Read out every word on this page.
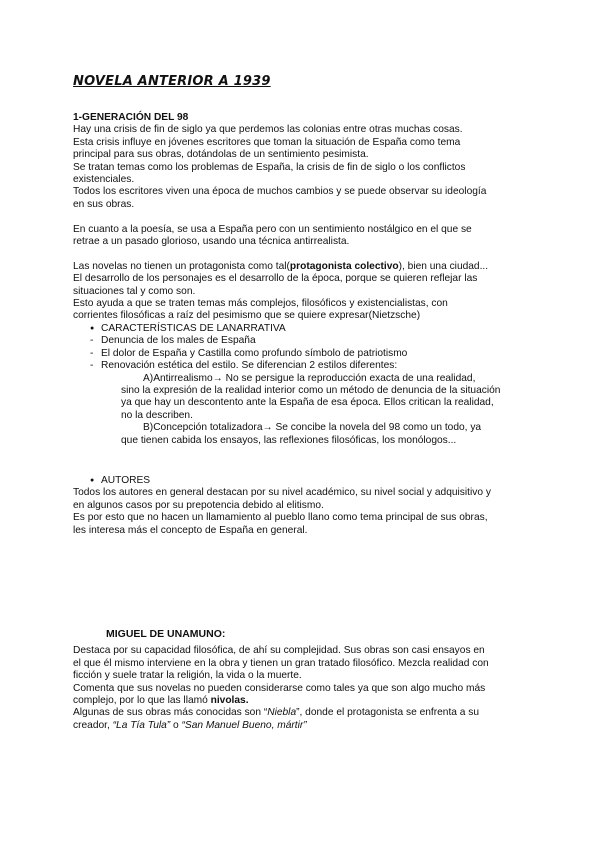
NOVELA ANTERIOR A 1939

1-GENERACIÓN DEL 98

Hay una crisis de fin de siglo ya que perdemos las colonias entre otras muchas cosas.

Esta crisis influye en jóvenes escritores que toman la situación de España como tema

principal para sus obras, dotándolas de un sentimiento pesimista.

Se tratan temas como los problemas de España, la crisis de fin de siglo o los conflictos

existenciales.

Todos los escritores viven una época de muchos cambios y se puede observar su ideología

en sus obras.

En cuanto a la poesía, se usa a España pero con un sentimiento nostálgico en el que se

retrae a un pasado glorioso, usando una técnica antirrealista.

Las novelas no tienen un protagonista como tal(protagonista colectivo), bien una ciudad...

El desarrollo de los personajes es el desarrollo de la época, porque se quieren reflejar las

situaciones tal y como son.

Esto ayuda a que se traten temas más complejos, filosóficos y existencialistas, con

corrientes filosóficas a raíz del pesimismo que se quiere expresar(Nietzsche)

● CARACTERÍSTICAS DE LANARRATIVA
- Denuncia de los males de España
- El dolor de España y Castilla como profundo símbolo de patriotismo
- Renovación estética del estilo. Se diferencian 2 estilos diferentes:

A)Antirrealismo→ No se persigue la reproducción exacta de una realidad,

sino la expresión de la realidad interior como un método de denuncia de la situación

ya que hay un descontento ante la España de esa época. Ellos critican la realidad,

no la describen.

B)Concepción totalizadora→ Se concibe la novela del 98 como un todo, ya

que tienen cabida los ensayos, las reflexiones filosóficas, los monólogos...

● AUTORES

Todos los autores en general destacan por su nivel académico, su nivel social y adquisitivo y

en algunos casos por su prepotencia debido al elitismo.

Es por esto que no hacen un llamamiento al pueblo llano como tema principal de sus obras,

les interesa más el concepto de España en general.

MIGUEL DE UNAMUNO:

Destaca por su capacidad filosófica, de ahí su complejidad. Sus obras son casi ensayos en

el que él mismo interviene en la obra y tienen un gran tratado filosófico. Mezcla realidad con

ficción y suele tratar la religión, la vida o la muerte.

Comenta que sus novelas no pueden considerarse como tales ya que son algo mucho más

complejo, por lo que las llamó nivolas.

Algunas de sus obras más conocidas son “Niebla”, donde el protagonista se enfrenta a su

creador, “La Tía Tula” o “San Manuel Bueno, mártir”
